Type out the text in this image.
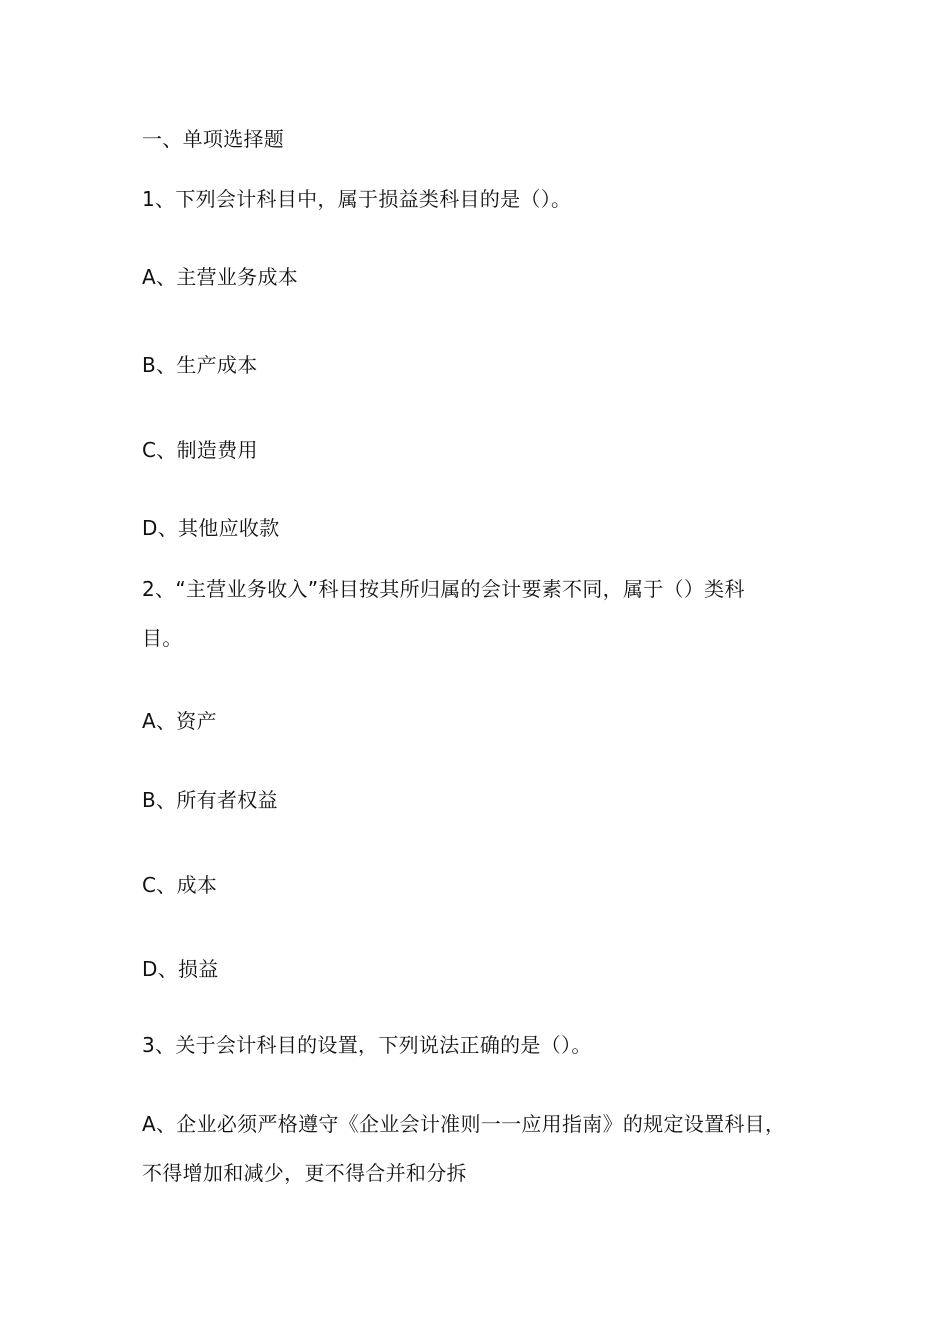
一、单项选择题
1、下列会计科目中，属于损益类科目的是（）。
A、主营业务成本
B、生产成本
C、制造费用
D、其他应收款
2、“主营业务收入”科目按其所归属的会计要素不同，属于（）类科
目。
A、资产
B、所有者权益
C、成本
D、损益
3、关于会计科目的设置，下列说法正确的是（）。
A、企业必须严格遵守《企业会计准则一一应用指南》的规定设置科目，
不得增加和减少，更不得合并和分拆
